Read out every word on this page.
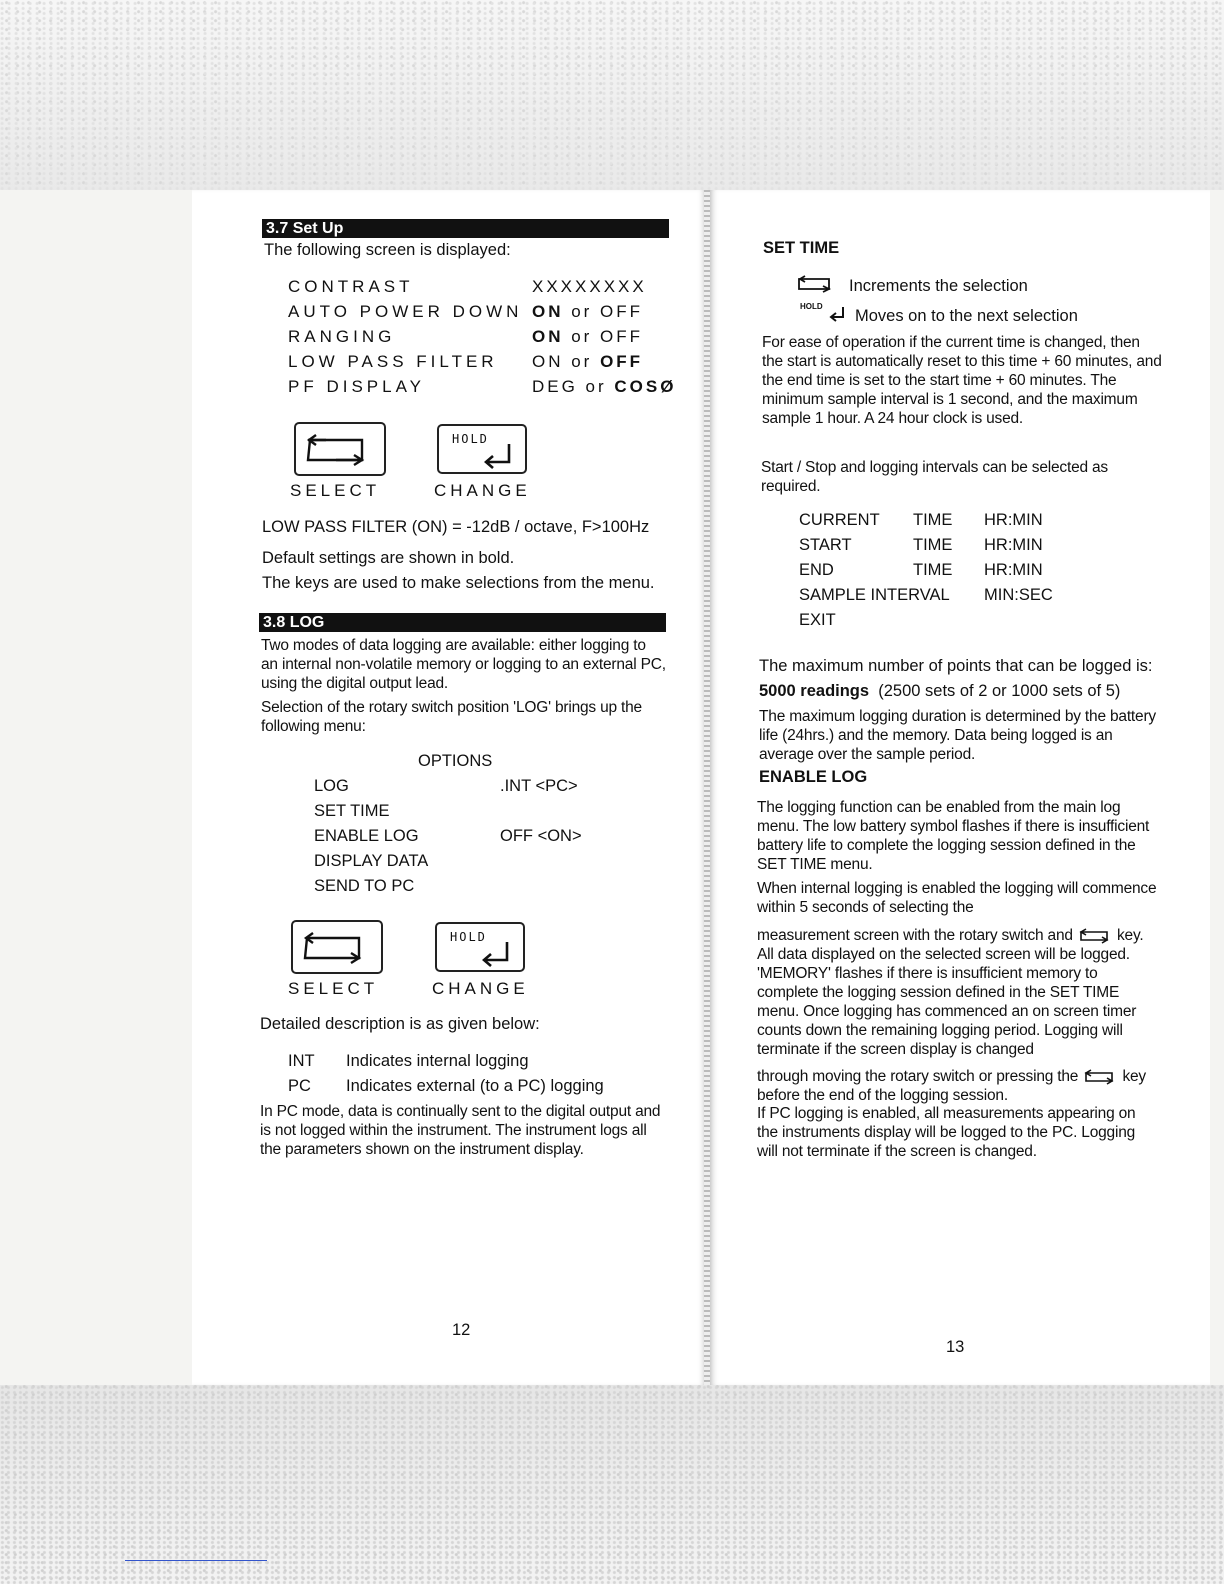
3.7 Set Up
The following screen is displayed:
CONTRAST	XXXXXXXX
AUTO POWER DOWN ON or OFF
RANGING	ON or OFF
LOW PASS FILTER ON or OFF
PF DISPLAY	DEG or COSØ
HOLD
SELECT	CHANGE
LOW PASS FILTER (ON) = -12dB / octave, F>100Hz
Default settings are shown in bold.
The keys are used to make selections from the menu.
3.8 LOG
Two modes of data logging are available: either logging to an internal non-volatile memory or logging to an external PC, using the digital output lead.
Selection of the rotary switch position 'LOG' brings up the following menu:
OPTIONS
LOG	.INT <PC>
SET TIME
ENABLE LOG	OFF <ON>
DISPLAY DATA
SEND TO PC
HOLD
SELECT	CHANGE
Detailed description is as given below:
INT Indicates internal logging
PC Indicates external (to a PC) logging
In PC mode, data is continually sent to the digital output and is not logged within the instrument. The instrument logs all the parameters shown on the instrument display.
12
SET TIME
Increments the selection
HOLD
Moves on to the next selection
For ease of operation if the current time is changed, then the start is automatically reset to this time + 60 minutes, and the end time is set to the start time + 60 minutes. The minimum sample interval is 1 second, and the maximum sample 1 hour. A 24 hour clock is used.
Start / Stop and logging intervals can be selected as required.
CURRENT TIME HR:MIN
START	TIME HR:MIN
END	TIME HR:MIN
SAMPLE INTERVAL MIN:SEC
EXIT
The maximum number of points that can be logged is:
5000 readings (2500 sets of 2 or 1000 sets of 5)
The maximum logging duration is determined by the battery life (24hrs.) and the memory. Data being logged is an average over the sample period.
ENABLE LOG
The logging function can be enabled from the main log menu. The low battery symbol flashes if there is insufficient battery life to complete the logging session defined in the SET TIME menu.
When internal logging is enabled the logging will commence within 5 seconds of selecting the
measurement screen with the rotary switch and	key. All data displayed on the selected screen will be logged. 'MEMORY' flashes if there is insufficient memory to complete the logging session defined in the SET TIME menu. Once logging has commenced an on screen timer counts down the remaining logging period. Logging will terminate if the screen display is changed
through moving the rotary switch or pressing the	key before the end of the logging session.
If PC logging is enabled, all measurements appearing on the instruments display will be logged to the PC. Logging will not terminate if the screen is changed.
13
